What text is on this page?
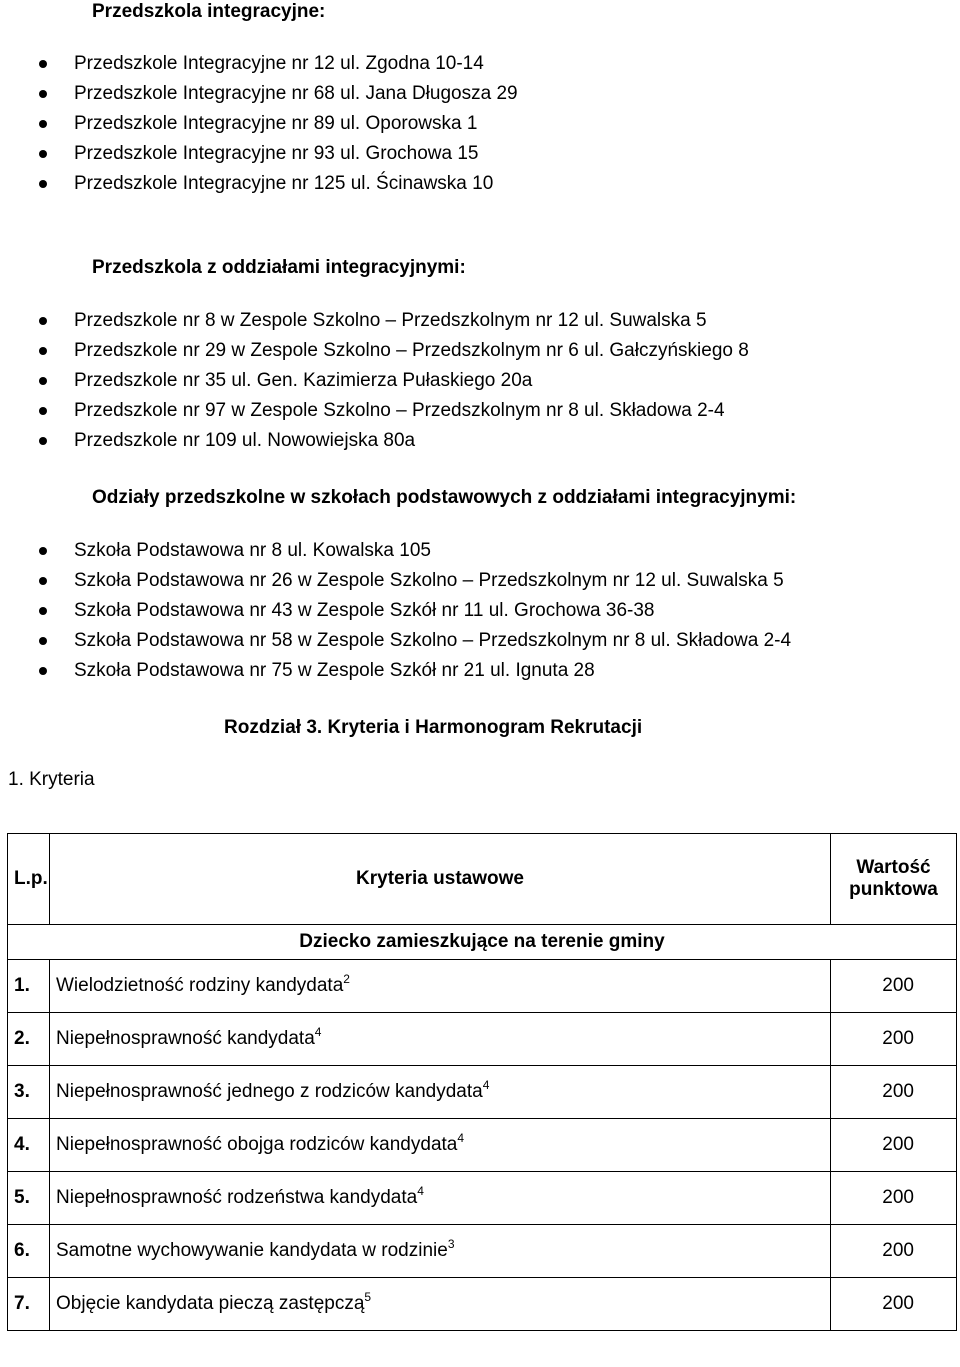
Przedszkola integracyjne:
Przedszkole Integracyjne nr 12 ul. Zgodna 10-14
Przedszkole Integracyjne nr 68 ul. Jana Długosza 29
Przedszkole Integracyjne nr 89 ul. Oporowska 1
Przedszkole Integracyjne nr 93 ul. Grochowa 15
Przedszkole Integracyjne nr 125 ul. Ścinawska 10
Przedszkola z oddziałami integracyjnymi:
Przedszkole nr 8 w Zespole Szkolno – Przedszkolnym nr 12 ul. Suwalska 5
Przedszkole nr 29 w Zespole Szkolno – Przedszkolnym nr 6 ul. Gałczyńskiego 8
Przedszkole nr 35 ul. Gen. Kazimierza Pułaskiego 20a
Przedszkole nr 97 w Zespole Szkolno – Przedszkolnym nr 8 ul. Składowa 2-4
Przedszkole nr 109 ul. Nowowiejska 80a
Odziały przedszkolne w szkołach podstawowych z oddziałami integracyjnymi:
Szkoła Podstawowa nr 8 ul. Kowalska 105
Szkoła Podstawowa nr 26 w Zespole Szkolno – Przedszkolnym nr 12 ul. Suwalska 5
Szkoła Podstawowa nr 43 w Zespole Szkół nr 11 ul. Grochowa 36-38
Szkoła Podstawowa nr 58 w Zespole Szkolno – Przedszkolnym nr 8 ul. Składowa 2-4
Szkoła Podstawowa nr 75 w Zespole Szkół nr 21 ul. Ignuta 28
Rozdział 3. Kryteria i Harmonogram Rekrutacji
1. Kryteria
L.p.	Kryteria ustawowe	Wartość punktowa
Dziecko zamieszkujące na terenie gminy		
1.	Wielodzietność rodziny kandydata$^2$	200
2.	Niepełnosprawność kandydata$^4$	200
3.	Niepełnosprawność jednego z rodziców kandydata$^4$	200
4.	Niepełnosprawność obojga rodziców kandydata$^4$	200
5.	Niepełnosprawność rodzeństwa kandydata$^4$	200
6.	Samotne wychowywanie kandydata w rodzinie$^3$	200
7.	Objęcie kandydata pieczą zastępczą$^5$	200
